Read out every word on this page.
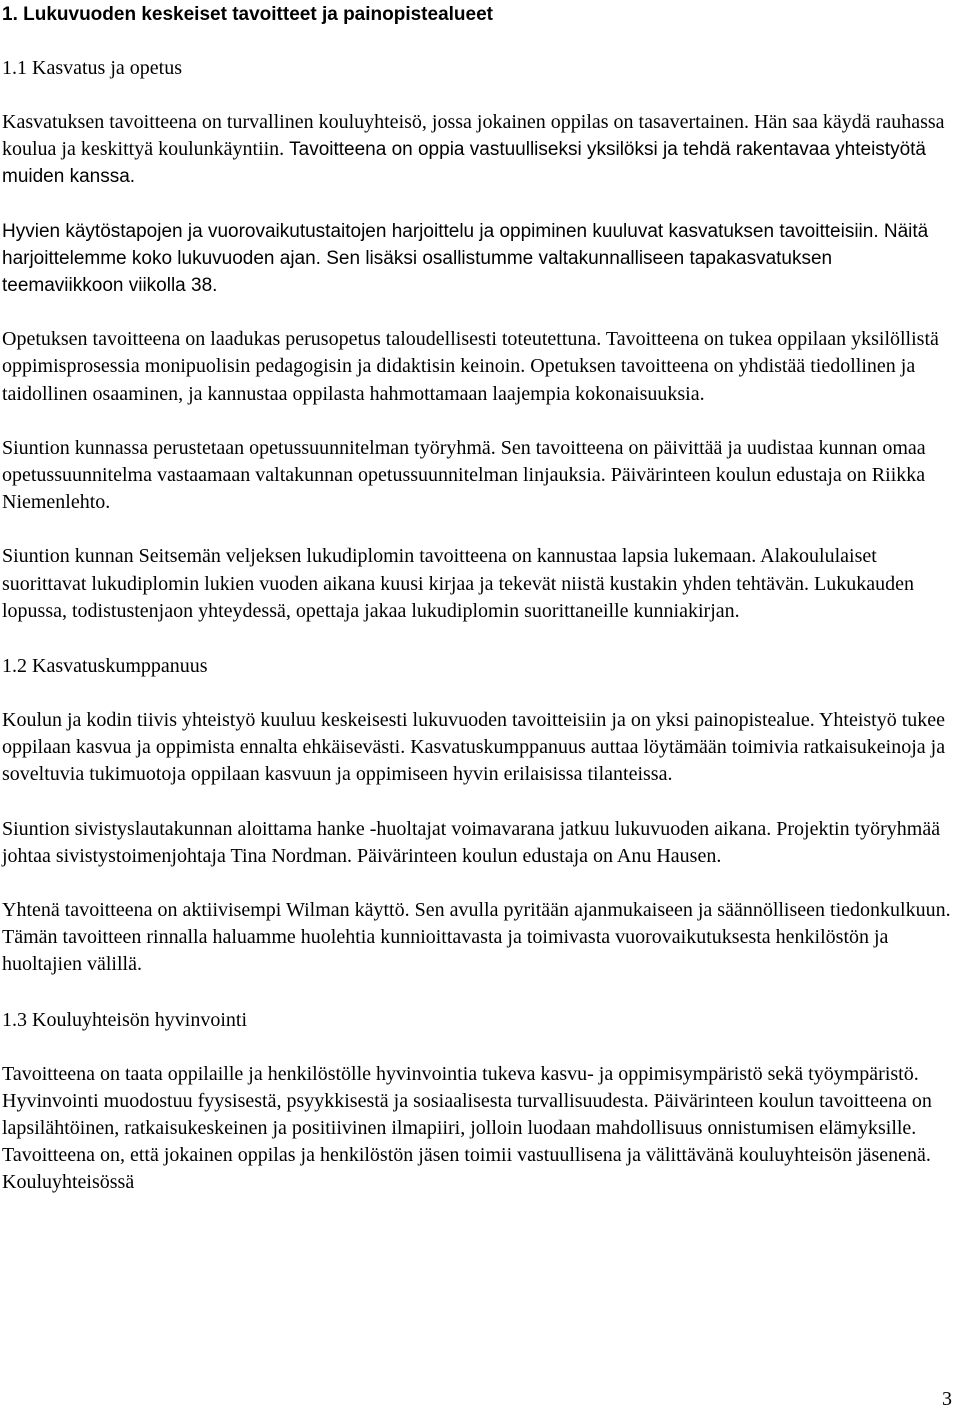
1. Lukuvuoden keskeiset tavoitteet ja painopistealueet
1.1 Kasvatus ja opetus

Kasvatuksen tavoitteena on turvallinen kouluyhteisö, jossa jokainen oppilas on tasavertainen. Hän saa käydä rauhassa koulua ja keskittyä koulunkäyntiin. Tavoitteena on oppia vastuulliseksi yksilöksi ja tehdä rakentavaa yhteistyötä muiden kanssa.

Hyvien käytöstapojen ja vuorovaikutustaitojen harjoittelu ja oppiminen kuuluvat kasvatuksen tavoitteisiin. Näitä harjoittelemme koko lukuvuoden ajan. Sen lisäksi osallistumme valtakunnalliseen tapakasvatuksen teemaviikkoon viikolla 38.

Opetuksen tavoitteena on laadukas perusopetus taloudellisesti toteutettuna. Tavoitteena on tukea oppilaan yksilöllistä oppimisprosessia monipuolisin pedagogisin ja didaktisin keinoin. Opetuksen tavoitteena on yhdistää tiedollinen ja taidollinen osaaminen, ja kannustaa oppilasta hahmottamaan laajempia kokonaisuuksia.

Siuntion kunnassa perustetaan opetussuunnitelman työryhmä. Sen tavoitteena on päivittää ja uudistaa kunnan omaa opetussuunnitelma vastaamaan valtakunnan opetussuunnitelman linjauksia. Päivärinteen koulun edustaja on Riikka Niemenlehto.

Siuntion kunnan Seitsemän veljeksen lukudiplomin tavoitteena on kannustaa lapsia lukemaan. Alakoululaiset suorittavat lukudiplomin lukien vuoden aikana kuusi kirjaa ja tekevät niistä kustakin yhden tehtävän. Lukukauden lopussa, todistustenjaon yhteydessä, opettaja jakaa lukudiplomin suorittaneille kunniakirjan.

1.2 Kasvatuskumppanuus

Koulun ja kodin tiivis yhteistyö kuuluu keskeisesti lukuvuoden tavoitteisiin ja on yksi painopistealue. Yhteistyö tukee oppilaan kasvua ja oppimista ennalta ehkäisevästi. Kasvatuskumppanuus auttaa löytämään toimivia ratkaisukeinoja ja soveltuvia tukimuotoja oppilaan kasvuun ja oppimiseen hyvin erilaisissa tilanteissa.

Siuntion sivistyslautakunnan aloittama hanke -huoltajat voimavarana jatkuu lukuvuoden aikana. Projektin työryhmää johtaa sivistystoimenjohtaja Tina Nordman. Päivärinteen koulun edustaja on Anu Hausen.

Yhtenä tavoitteena on aktiivisempi Wilman käyttö. Sen avulla pyritään ajanmukaiseen ja säännölliseen tiedonkulkuun. Tämän tavoitteen rinnalla haluamme huolehtia kunnioittavasta ja toimivasta vuorovaikutuksesta henkilöstön ja huoltajien välillä.

1.3 Kouluyhteisön hyvinvointi

Tavoitteena on taata oppilaille ja henkilöstölle hyvinvointia tukeva kasvu- ja oppimisympäristö sekä työympäristö. Hyvinvointi muodostuu fyysisestä, psyykkisestä ja sosiaalisesta turvallisuudesta. Päivärinteen koulun tavoitteena on lapsilähtöinen, ratkaisukeskeinen ja positiivinen ilmapiiri, jolloin luodaan mahdollisuus onnistumisen elämyksille. Tavoitteena on, että jokainen oppilas ja henkilöstön jäsen toimii vastuullisena ja välittävänä kouluyhteisön jäsenenä. Kouluyhteisössä

3
